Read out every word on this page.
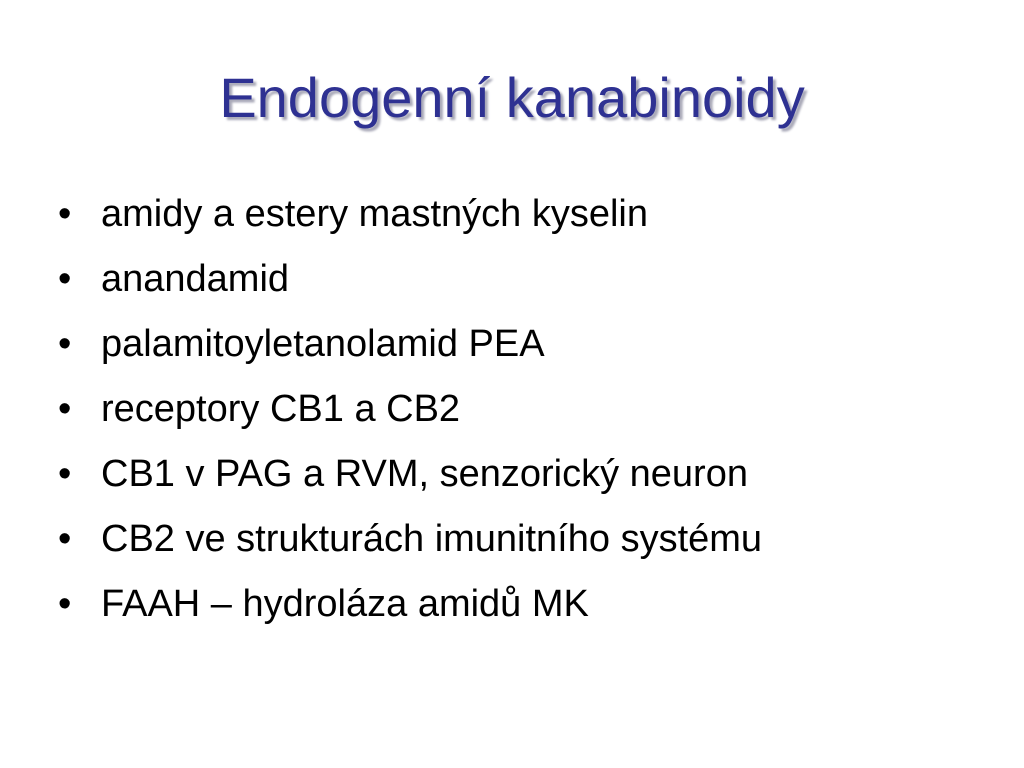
Endogenní kanabinoidy
• amidy a estery mastných kyselin
• anandamid
• palamitoyletanolamid PEA
• receptory CB1 a CB2
• CB1 v PAG a RVM, senzorický neuron
• CB2 ve strukturách imunitního systému
• FAAH – hydroláza amidů MK
